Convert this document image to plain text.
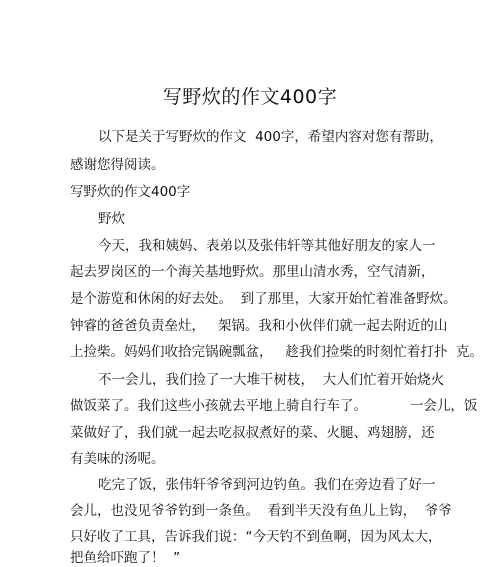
写野炊的作文400字
以下是关于写野炊的作文  400字，希望内容对您有帮助，
感谢您得阅读。
写野炊的作文400字
野炊
今天，我和姨妈、表弟以及张伟轩等其他好朋友的家人一
起去罗岗区的一个海关基地野炊。那里山清水秀，空气清新，
是个游览和休闲的好去处。  到了那里，大家开始忙着准备野炊。
钟睿的爸爸负责垒灶，   架锅。我和小伙伴们就一起去附近的山
上捡柴。妈妈们收拾完锅碗瓢盆，   趁我们捡柴的时刻忙着打扑  克。
不一会儿，我们捡了一大堆干树枝，  大人们忙着开始烧火
做饭菜了。我们这些小孩就去平地上骑自行车了。          一会儿，饭
菜做好了，我们就一起去吃叔叔煮好的菜、火腿、鸡翅膀，还
有美味的汤呢。
吃完了饭，张伟轩爷爷到河边钓鱼。我们在旁边看了好一
会儿，也没见爷爷钓到一条鱼。  看到半天没有鱼儿上钩，  爷爷
只好收了工具，告诉我们说：“今天钓不到鱼啊，因为风太大，
把鱼给吓跑了！  ”
